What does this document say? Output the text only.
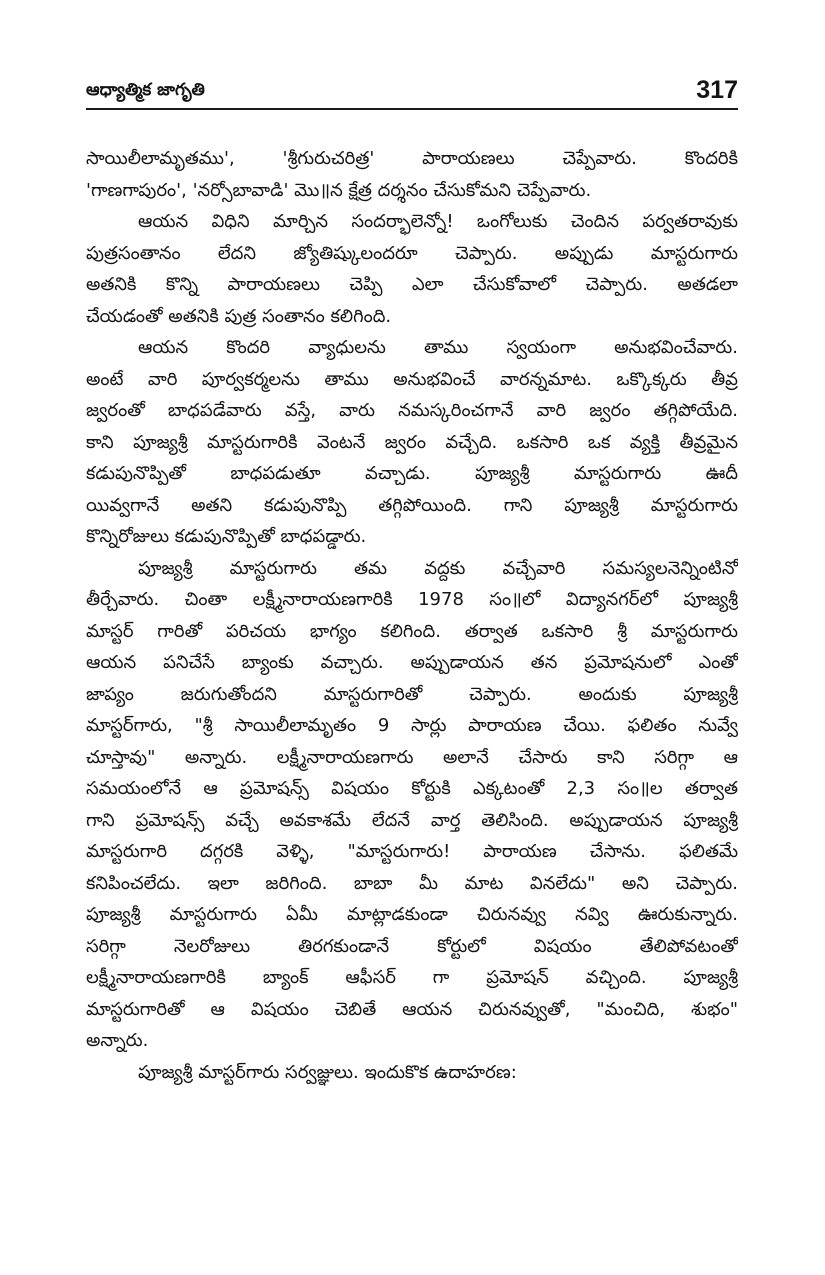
ఆధ్యాత్మిక జాగృతి	317
సాయిలీలామృతము', 'శ్రీగురుచరిత్ర' పారాయణలు చెప్పేవారు. కొందరికి
'గాణగాపురం', 'నర్సోబావాడి' మొ॥న క్షేత్ర దర్శనం చేసుకోమని చెప్పేవారు.
ఆయన విధిని మార్చిన సందర్భాలెన్నో! ఒంగోలుకు చెందిన పర్వతరావుకు
పుత్రసంతానం లేదని జ్యోతిష్కులందరూ చెప్పారు. అప్పుడు మాస్టరుగారు
అతనికి కొన్ని పారాయణలు చెప్పి ఎలా చేసుకోవాలో చెప్పారు. అతడలా
చేయడంతో అతనికి పుత్ర సంతానం కలిగింది.
ఆయన కొందరి వ్యాధులను తాము స్వయంగా అనుభవించేవారు.
అంటే వారి పూర్వకర్మలను తాము అనుభవించే వారన్నమాట. ఒక్కొక్కరు తీవ్ర
జ్వరంతో బాధపడేవారు వస్తే, వారు నమస్కరించగానే వారి జ్వరం తగ్గిపోయేది.
కాని పూజ్యశ్రీ మాస్టరుగారికి వెంటనే జ్వరం వచ్చేది. ఒకసారి ఒక వ్యక్తి తీవ్రమైన
కడుపునొప్పితో బాధపడుతూ వచ్చాడు. పూజ్యశ్రీ మాస్టరుగారు ఊదీ
యివ్వగానే అతని కడుపునొప్పి తగ్గిపోయింది. గాని పూజ్యశ్రీ మాస్టరుగారు
కొన్నిరోజులు కడుపునొప్పితో బాధపడ్డారు.
పూజ్యశ్రీ మాస్టరుగారు తమ వద్దకు వచ్చేవారి సమస్యలనెన్నింటినో
తీర్చేవారు. చింతా లక్ష్మీనారాయణగారికి 1978 సం॥లో విద్యానగర్‌లో పూజ్యశ్రీ
మాస్టర్ గారితో పరిచయ భాగ్యం కలిగింది. తర్వాత ఒకసారి శ్రీ మాస్టరుగారు
ఆయన పనిచేసే బ్యాంకు వచ్చారు. అప్పుడాయన తన ప్రమోషనులో ఎంతో
జాప్యం జరుగుతోందని మాస్టరుగారితో చెప్పారు. అందుకు పూజ్యశ్రీ
మాస్టర్‌గారు, "శ్రీ సాయిలీలామృతం 9 సార్లు పారాయణ చేయి. ఫలితం నువ్వే
చూస్తావు" అన్నారు. లక్ష్మీనారాయణగారు అలానే చేసారు కాని సరిగ్గా ఆ
సమయంలోనే ఆ ప్రమోషన్స్ విషయం కోర్టుకి ఎక్కటంతో 2,3 సం॥ల తర్వాత
గాని ప్రమోషన్స్ వచ్చే అవకాశమే లేదనే వార్త తెలిసింది. అప్పుడాయన పూజ్యశ్రీ
మాస్టరుగారి దగ్గరకి వెళ్ళి, "మాస్టరుగారు! పారాయణ చేసాను. ఫలితమే
కనిపించలేదు. ఇలా జరిగింది. బాబా మీ మాట వినలేదు" అని చెప్పారు.
పూజ్యశ్రీ మాస్టరుగారు ఏమీ మాట్లాడకుండా చిరునవ్వు నవ్వి ఊరుకున్నారు.
సరిగ్గా నెలరోజులు తిరగకుండానే కోర్టులో విషయం తేలిపోవటంతో
లక్ష్మీనారాయణగారికి బ్యాంక్ ఆఫీసర్ గా ప్రమోషన్ వచ్చింది. పూజ్యశ్రీ
మాస్టరుగారితో ఆ విషయం చెబితే ఆయన చిరునవ్వుతో, "మంచిది, శుభం"
అన్నారు.
పూజ్యశ్రీ మాస్టర్‌గారు సర్వజ్ఞులు. ఇందుకొక ఉదాహరణ:
